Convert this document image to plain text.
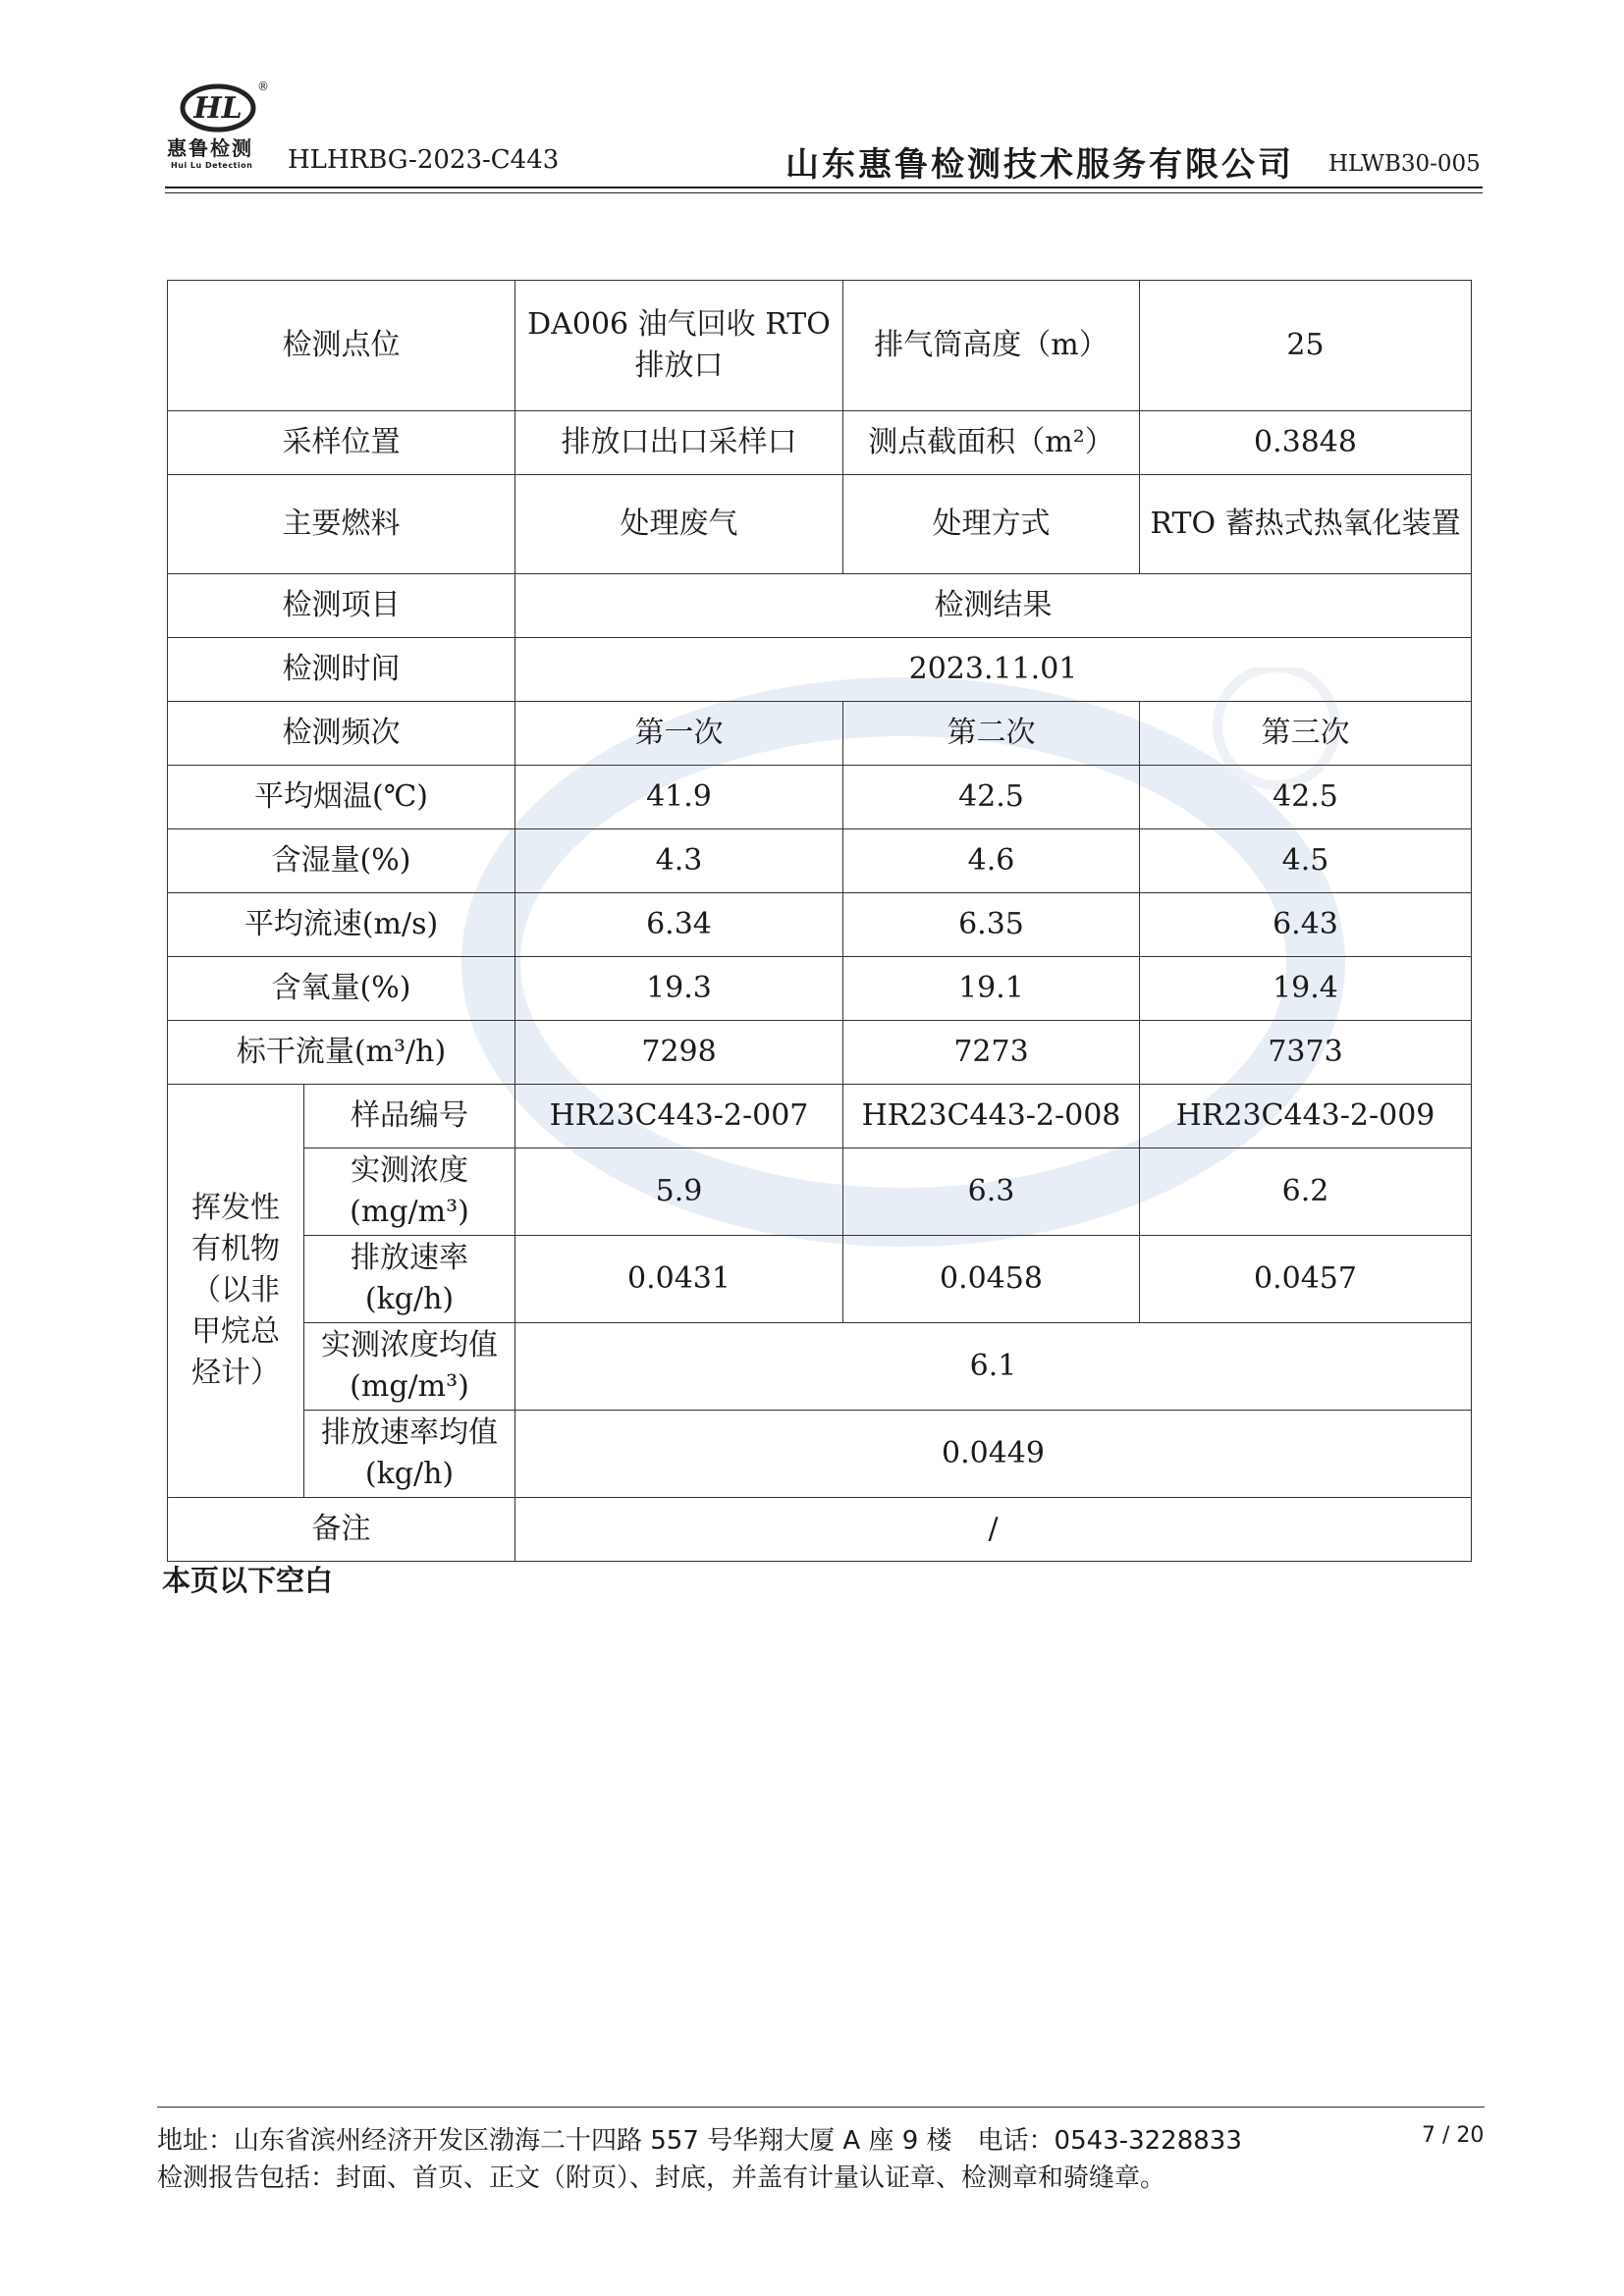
HL
®
惠鲁检测
Hui Lu Detection HLHRBG-2023-C443	山东惠鲁检测技术服务有限公司 HLWB30-005
检测点位		DA006 油气回收 RTO 排放口	排气筒高度（m）	25
采样位置		排放口出口采样口	测点截面积（m²）	0.3848
主要燃料		处理废气	处理方式	RTO 蓄热式热氧化装置
检测项目		检测结果		
检测时间		2023.11.01		
检测频次		第一次	第二次	第三次
平均烟温(℃)		41.9	42.5	42.5
含湿量(%)		4.3	4.6	4.5
平均流速(m/s)		6.34	6.35	6.43
含氧量(%)		19.3	19.1	19.4
标干流量(m³/h)		7298	7273	7373
挥发性有机物（以非甲烷总烃计）	样品编号	HR23C443-2-007	HR23C443-2-008	HR23C443-2-009
	实测浓度(mg/m³)	5.9	6.3	6.2
	排放速率(kg/h)	0.0431	0.0458	0.0457
	实测浓度均值(mg/m³)	6.1		
	排放速率均值(kg/h)	0.0449		
备注		/		
本页以下空白
地址：山东省滨州经济开发区渤海二十四路 557 号华翔大厦 A 座 9 楼　电话：0543-3228833
检测报告包括：封面、首页、正文（附页）、封底，并盖有计量认证章、检测章和骑缝章。
7 / 20
